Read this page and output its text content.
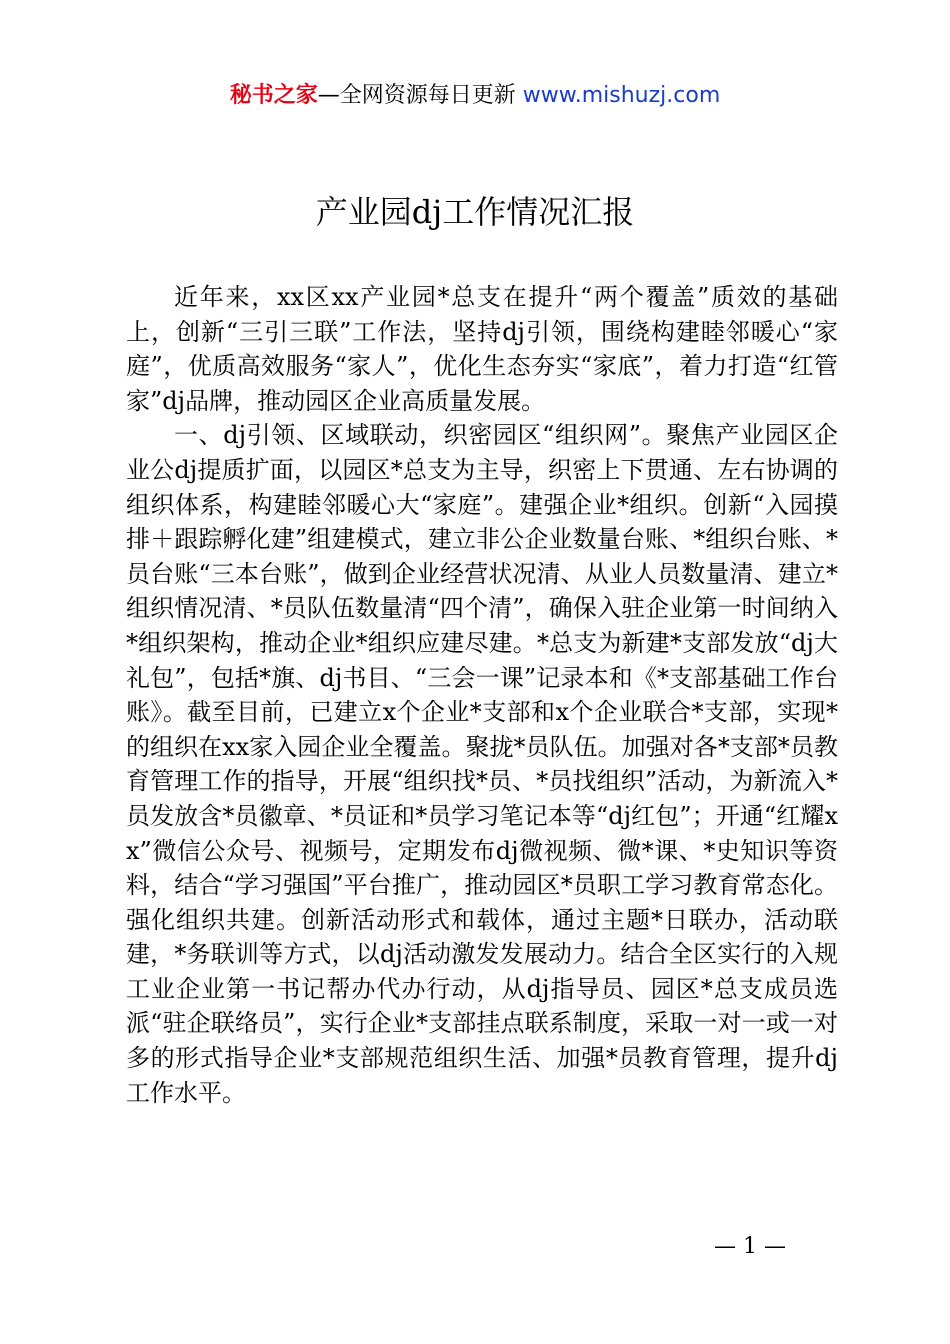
秘书之家—全网资源每日更新 www.mishuzj.com
产业园dj工作情况汇报

近年来，xx区xx产业园*总支在提升“两个覆盖”质效的基础上，创新“三引三联”工作法，坚持dj引领，围绕构建睦邻暖心“家庭”，优质高效服务“家人”，优化生态夯实“家底”，着力打造“红管家”dj品牌，推动园区企业高质量发展。

一、dj引领、区域联动，织密园区“组织网”。聚焦产业园区企业公dj提质扩面，以园区*总支为主导，织密上下贯通、左右协调的组织体系，构建睦邻暖心大“家庭”。建强企业*组织。创新“入园摸排＋跟踪孵化建”组建模式，建立非公企业数量台账、*组织台账、*员台账“三本台账”，做到企业经营状况清、从业人员数量清、建立*组织情况清、*员队伍数量清“四个清”，确保入驻企业第一时间纳入*组织架构，推动企业*组织应建尽建。*总支为新建*支部发放“dj大礼包”，包括*旗、dj书目、“三会一课”记录本和《*支部基础工作台账》。截至目前，已建立x个企业*支部和x个企业联合*支部，实现*的组织在xx家入园企业全覆盖。聚拢*员队伍。加强对各*支部*员教育管理工作的指导，开展“组织找*员、*员找组织”活动，为新流入*员发放含*员徽章、*员证和*员学习笔记本等“dj红包”；开通“红耀xx”微信公众号、视频号，定期发布dj微视频、微*课、*史知识等资料，结合“学习强国”平台推广，推动园区*员职工学习教育常态化。强化组织共建。创新活动形式和载体，通过主题*日联办，活动联建，*务联训等方式，以dj活动激发发展动力。结合全区实行的入规工业企业第一书记帮办代办行动，从dj指导员、园区*总支成员选派“驻企联络员”，实行企业*支部挂点联系制度，采取一对一或一对多的形式指导企业*支部规范组织生活、加强*员教育管理，提升dj工作水平。

— 1 —
